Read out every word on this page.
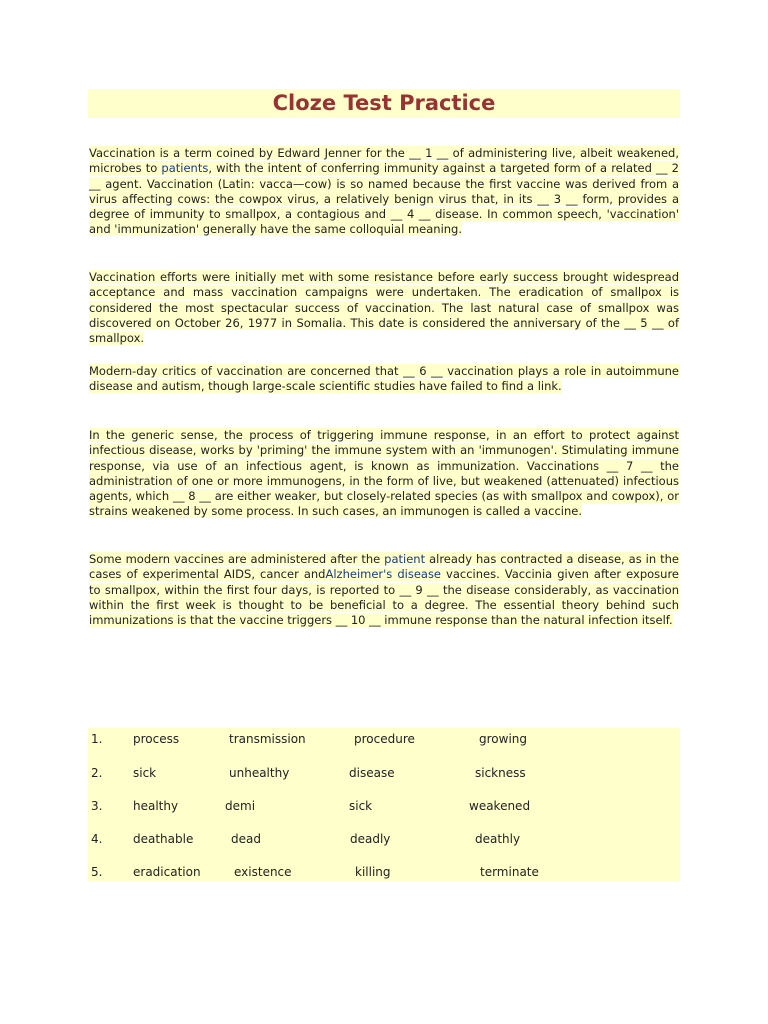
Cloze Test Practice

Vaccination is a term coined by Edward Jenner for the __ 1 __ of administering live, albeit weakened, microbes to patients, with the intent of conferring immunity against a targeted form of a related __ 2 __ agent. Vaccination (Latin: vacca—cow) is so named because the first vaccine was derived from a virus affecting cows: the cowpox virus, a relatively benign virus that, in its __ 3 __ form, provides a degree of immunity to smallpox, a contagious and __ 4 __ disease. In common speech, 'vaccination' and 'immunization' generally have the same colloquial meaning.

Vaccination efforts were initially met with some resistance before early success brought widespread acceptance and mass vaccination campaigns were undertaken. The eradication of smallpox is considered the most spectacular success of vaccination. The last natural case of smallpox was discovered on October 26, 1977 in Somalia. This date is considered the anniversary of the __ 5 __ of smallpox.

Modern-day critics of vaccination are concerned that __ 6 __ vaccination plays a role in autoimmune disease and autism, though large-scale scientific studies have failed to find a link.

In the generic sense, the process of triggering immune response, in an effort to protect against infectious disease, works by 'priming' the immune system with an 'immunogen'. Stimulating immune response, via use of an infectious agent, is known as immunization. Vaccinations __ 7 __ the administration of one or more immunogens, in the form of live, but weakened (attenuated) infectious agents, which __ 8 __ are either weaker, but closely-related species (as with smallpox and cowpox), or strains weakened by some process. In such cases, an immunogen is called a vaccine.

Some modern vaccines are administered after the patient already has contracted a disease, as in the cases of experimental AIDS, cancer andAlzheimer's disease vaccines. Vaccinia given after exposure to smallpox, within the first four days, is reported to __ 9 __ the disease considerably, as vaccination within the first week is thought to be beneficial to a degree. The essential theory behind such immunizations is that the vaccine triggers __ 10 __ immune response than the natural infection itself.

1.	process	transmission	procedure	growing
2.	sick	unhealthy	disease	sickness
3.	healthy	demi	sick	weakened
4.	deathable	dead	deadly	deathly
5.	eradication	existence	killing	terminate
